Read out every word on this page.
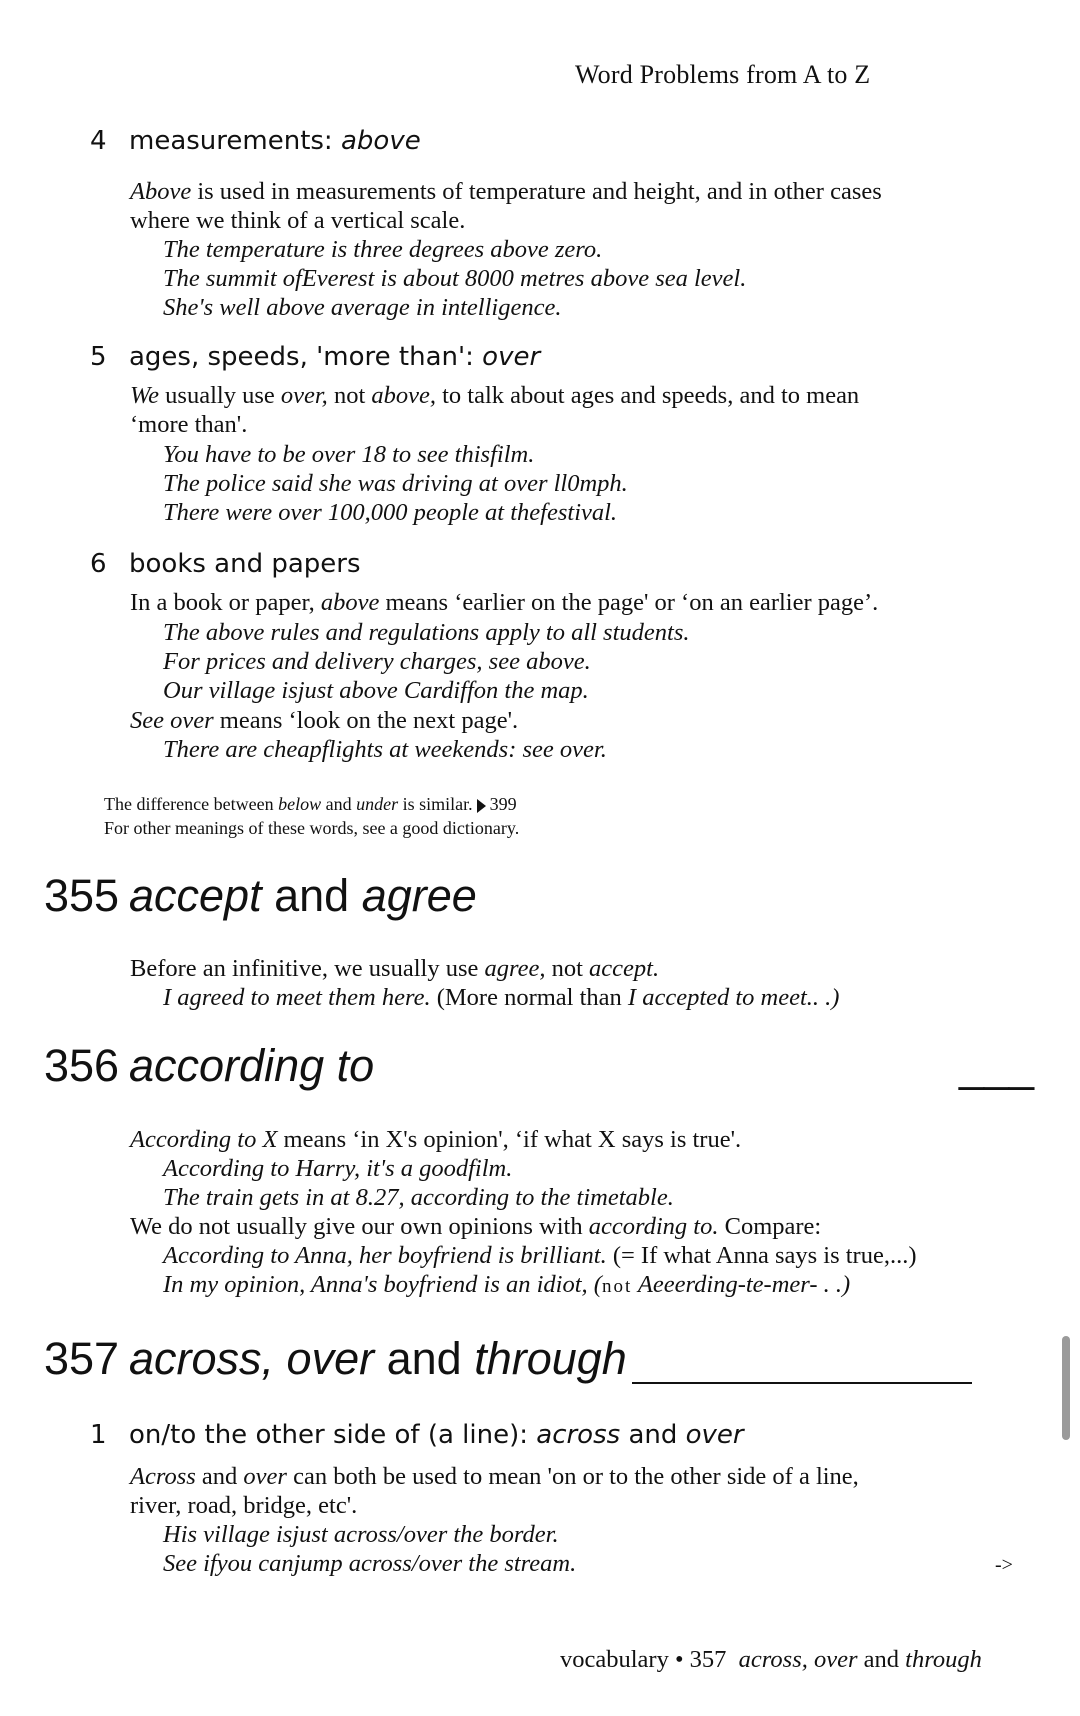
Word Problems from A to Z
4 measurements: above
Above is used in measurements of temperature and height, and in other cases
where we think of a vertical scale.
The temperature is three degrees above zero.
The summit ofEverest is about 8000 metres above sea level.
She's well above average in intelligence.
5 ages, speeds, 'more than': over
We usually use over, not above, to talk about ages and speeds, and to mean
‘more than'.
You have to be over 18 to see thisfilm.
The police said she was driving at over ll0mph.
There were over 100,000 people at thefestival.
6 books and papers
In a book or paper, above means ‘earlier on the page' or ‘on an earlier page’.
The above rules and regulations apply to all students.
For prices and delivery charges, see above.
Our village isjust above Cardiffon the map.
See over means ‘look on the next page'.
There are cheapflights at weekends: see over.
The difference between below and under is similar. 399
For other meanings of these words, see a good dictionary.
355 accept and agree
Before an infinitive, we usually use agree, not accept.
I agreed to meet them here. (More normal than I accepted to meet.. .)
356 according to	___
According to X means ‘in X's opinion', ‘if what X says is true'.
According to Harry, it's a goodfilm.
The train gets in at 8.27, according to the timetable.
We do not usually give our own opinions with according to. Compare:
According to Anna, her boyfriend is brilliant. (= If what Anna says is true,...)
In my opinion, Anna's boyfriend is an idiot, (not Aeeerding-te-mer- . .)
357 across, over and through
1 on/to the other side of (a line): across and over
Across and over can both be used to mean 'on or to the other side of a line,
river, road, bridge, etc'.
His village isjust across/over the border.
See ifyou canjump across/over the stream.	->
vocabulary • 357 across, over and through
